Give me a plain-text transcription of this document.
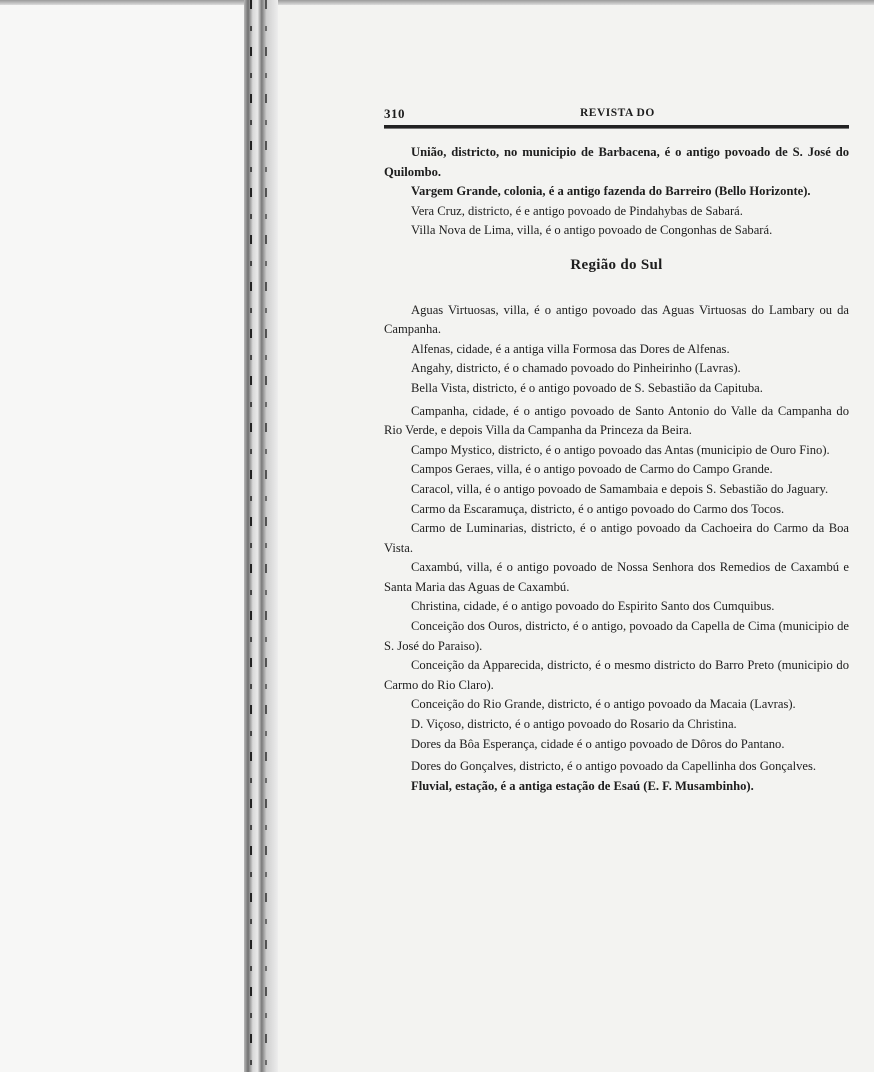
310	REVISTA DO

União, districto, no municipio de Barbacena, é o antigo povoado de S. José do Quilombo.

Vargem Grande, colonia, é a antigo fazenda do Barreiro (Bello Horizonte).

Vera Cruz, districto, é e antigo povoado de Pindahybas de Sabará.

Villa Nova de Lima, villa, é o antigo povoado de Congonhas de Sabará.

Região do Sul

Aguas Virtuosas, villa, é o antigo povoado das Aguas Virtuosas do Lambary ou da Campanha.

Alfenas, cidade, é a antiga villa Formosa das Dores de Alfenas.

Angahy, districto, é o chamado povoado do Pinheirinho (Lavras).

Bella Vista, districto, é o antigo povoado de S. Sebastião da Capituba.

Campanha, cidade, é o antigo povoado de Santo Antonio do Valle da Campanha do Rio Verde, e depois Villa da Campanha da Princeza da Beira.

Campo Mystico, districto, é o antigo povoado das Antas (municipio de Ouro Fino).

Campos Geraes, villa, é o antigo povoado de Carmo do Campo Grande.

Caracol, villa, é o antigo povoado de Samambaia e depois S. Sebastião do Jaguary.

Carmo da Escaramuça, districto, é o antigo povoado do Carmo dos Tocos.

Carmo de Luminarias, districto, é o antigo povoado da Cachoeira do Carmo da Boa Vista.

Caxambú, villa, é o antigo povoado de Nossa Senhora dos Remedios de Caxambú e Santa Maria das Aguas de Caxambú.

Christina, cidade, é o antigo povoado do Espirito Santo dos Cumquibus.

Conceição dos Ouros, districto, é o antigo, povoado da Capella de Cima (municipio de S. José do Paraiso).

Conceição da Apparecida, districto, é o mesmo districto do Barro Preto (municipio do Carmo do Rio Claro).

Conceição do Rio Grande, districto, é o antigo povoado da Macaia (Lavras).

D. Viçoso, districto, é o antigo povoado do Rosario da Christina.

Dores da Bôa Esperança, cidade é o antigo povoado de Dôros do Pantano.

Dores do Gonçalves, districto, é o antigo povoado da Capellinha dos Gonçalves.

Fluvial, estação, é a antiga estação de Esaú (E. F. Musambinho).
